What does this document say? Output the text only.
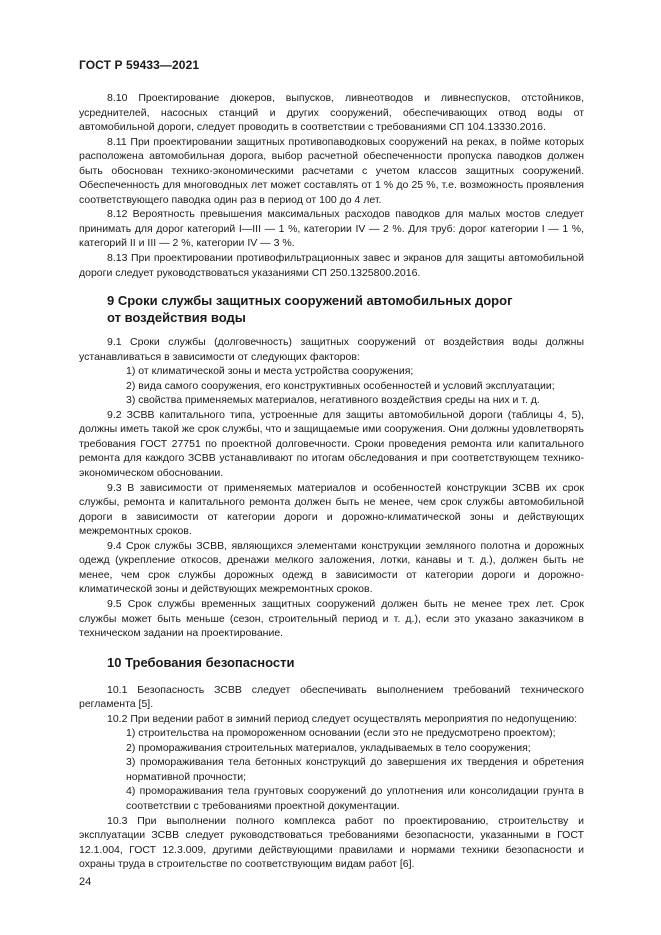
ГОСТ Р 59433—2021

8.10 Проектирование дюкеров, выпусков, ливнеотводов и ливнеспусков, отстойников, усреднителей, насосных станций и других сооружений, обеспечивающих отвод воды от автомобильной дороги, следует проводить в соответствии с требованиями СП 104.13330.2016.

8.11 При проектировании защитных противопаводковых сооружений на реках, в пойме которых расположена автомобильная дорога, выбор расчетной обеспеченности пропуска паводков должен быть обоснован технико-экономическими расчетами с учетом классов защитных сооружений. Обеспеченность для многоводных лет может составлять от 1 % до 25 %, т.е. возможность проявления соответствующего паводка один раз в период от 100 до 4 лет.

8.12 Вероятность превышения максимальных расходов паводков для малых мостов следует принимать для дорог категорий I—III — 1 %, категории IV — 2 %. Для труб: дорог категории I — 1 %, категорий II и III — 2 %, категории IV — 3 %.

8.13 При проектировании противофильтрационных завес и экранов для защиты автомобильной дороги следует руководствоваться указаниями СП 250.1325800.2016.

9 Сроки службы защитных сооружений автомобильных дорог
от воздействия воды

9.1 Сроки службы (долговечность) защитных сооружений от воздействия воды должны устанавливаться в зависимости от следующих факторов:

1) от климатической зоны и места устройства сооружения;

2) вида самого сооружения, его конструктивных особенностей и условий эксплуатации;

3) свойства применяемых материалов, негативного воздействия среды на них и т. д.

9.2 ЗСВВ капитального типа, устроенные для защиты автомобильной дороги (таблицы 4, 5), должны иметь такой же срок службы, что и защищаемые ими сооружения. Они должны удовлетворять требования ГОСТ 27751 по проектной долговечности. Сроки проведения ремонта или капитального ремонта для каждого ЗСВВ устанавливают по итогам обследования и при соответствующем технико-экономическом обосновании.

9.3 В зависимости от применяемых материалов и особенностей конструкции ЗСВВ их срок службы, ремонта и капитального ремонта должен быть не менее, чем срок службы автомобильной дороги в зависимости от категории дороги и дорожно-климатической зоны и действующих межремонтных сроков.

9.4 Срок службы ЗСВВ, являющихся элементами конструкции земляного полотна и дорожных одежд (укрепление откосов, дренажи мелкого заложения, лотки, канавы и т. д.), должен быть не менее, чем срок службы дорожных одежд в зависимости от категории дороги и дорожно-климатической зоны и действующих межремонтных сроков.

9.5 Срок службы временных защитных сооружений должен быть не менее трех лет. Срок службы может быть меньше (сезон, строительный период и т. д.), если это указано заказчиком в техническом задании на проектирование.

10 Требования безопасности

10.1 Безопасность ЗСВВ следует обеспечивать выполнением требований технического регламента [5].

10.2 При ведении работ в зимний период следует осуществлять мероприятия по недопущению:

1) строительства на промороженном основании (если это не предусмотрено проектом);

2) промораживания строительных материалов, укладываемых в тело сооружения;

3) промораживания тела бетонных конструкций до завершения их твердения и обретения нормативной прочности;

4) промораживания тела грунтовых сооружений до уплотнения или консолидации грунта в соответствии с требованиями проектной документации.

10.3 При выполнении полного комплекса работ по проектированию, строительству и эксплуатации ЗСВВ следует руководствоваться требованиями безопасности, указанными в ГОСТ 12.1.004, ГОСТ 12.3.009, другими действующими правилами и нормами техники безопасности и охраны труда в строительстве по соответствующим видам работ [6].

24
